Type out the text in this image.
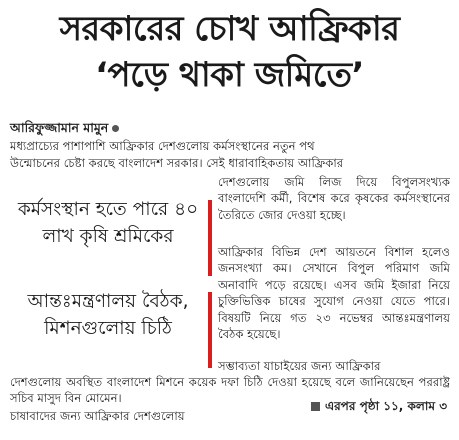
সরকারের চোখ আফ্রিকার
‘পড়ে থাকা জমিতে’
আরিফুজ্জামান মামুন
মধ্যপ্রাচ্যের পাশাপাশি আফ্রিকার দেশগুলোয় কর্মসংস্থানের নতুন পথ
উন্মোচনের চেষ্টা করছে বাংলাদেশ সরকার। সেই ধারাবাহিকতায় আফ্রিকার
দেশগুলোয় জমি লিজ দিয়ে বিপুলসংখ্যক বাংলাদেশি কর্মী, বিশেষ করে কৃষকের কর্মসংস্থানের তৈরিতে জোর দেওয়া হচ্ছে।
কর্মসংস্থান হতে পারে ৪০ লাখ কৃষি শ্রমিকের
আফ্রিকার বিভিন্ন দেশ আয়তনে বিশাল হলেও জনসংখ্যা কম। সেখানে বিপুল পরিমাণ জমি অনাবাদি পড়ে রয়েছে। এসব জমি ইজারা নিয়ে চুক্তিভিত্তিক চাষের সুযোগ নেওয়া যেতে পারে। বিষয়টি নিয়ে গত ২৩ নভেম্বর আন্তঃমন্ত্রণালয় বৈঠক হয়েছে।
আন্তঃমন্ত্রণালয় বৈঠক, মিশনগুলোয় চিঠি
সম্ভাব্যতা যাচাইয়ের জন্য আফ্রিকার
দেশগুলোয় অবস্থিত বাংলাদেশ মিশনে কয়েক দফা চিঠি দেওয়া হয়েছে বলে জানিয়েছেন পররাষ্ট্র সচিব মাসুদ বিন মোমেন।
চাষাবাদের জন্য আফ্রিকার দেশগুলোয়
এরপর পৃষ্ঠা ১১, কলাম ৩
